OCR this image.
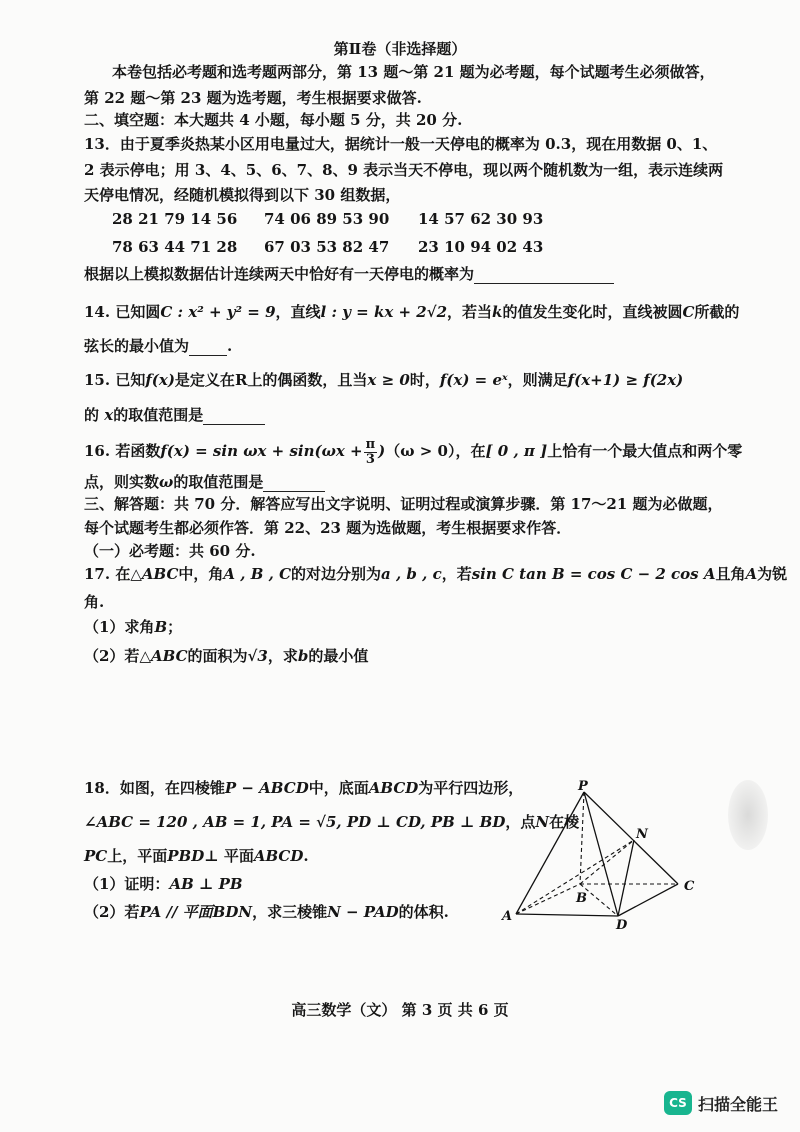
第Ⅱ卷（非选择题）
本卷包括必考题和选考题两部分，第 13 题～第 21 题为必考题，每个试题考生必须做答，
第 22 题～第 23 题为选考题，考生根据要求做答.
二、填空题：本大题共 4 小题，每小题 5 分，共 20 分.
13．由于夏季炎热某小区用电量过大，据统计一般一天停电的概率为 0.3，现在用数据 0、1、
2 表示停电；用 3、4、5、6、7、8、9 表示当天不停电，现以两个随机数为一组，表示连续两
天停电情况，经随机模拟得到以下 30 组数据，
28 21 79 14 56 74 06 89 53 90 14 57 62 30 93
78 63 44 71 28 67 03 53 82 47 23 10 94 02 43
根据以上模拟数据估计连续两天中恰好有一天停电的概率为
14. 已知圆C : x² + y² = 9，直线l : y = kx + 2√2，若当k的值发生变化时，直线被圆C所截的
弦长的最小值为	.
15. 已知f(x)是定义在R上的偶函数，且当x ≥ 0时，f(x) = eˣ，则满足f(x+1) ≥ f(2x)
的 x的取值范围是
16. 若函数$f(x) = \sin \omega x + \sin(\omega x + \frac{\pi}{3} )(\omega > 0)$，在[ 0 , π ]上恰有一个最大值点和两个零
点，则实数ω的取值范围是
三、解答题：共 70 分．解答应写出文字说明、证明过程或演算步骤．第 17～21 题为必做题，
每个试题考生都必须作答．第 22、23 题为选做题，考生根据要求作答．
（一）必考题：共 60 分.
17. 在△ABC中，角A , B , C的对边分别为a , b , c，若sin C tan B = cos C − 2 cos A且角A为锐
角.
（1）求角B；
（2）若△ABC的面积为√3，求b的最小值
18．如图，在四棱锥P − ABCD中，底面ABCD为平行四边形，
∠ABC = 120 , AB = 1, PA = √5, PD ⊥ CD, PB ⊥ BD，点N在棱
PC上，平面PBD⊥ 平面ABCD.
（1）证明：AB ⊥ PB
（2）若PA // 平面BDN，求三棱锥N − PAD的体积.
P
N
C
B
A
D
高三数学（文） 第 3 页 共 6 页
CS 扫描全能王
